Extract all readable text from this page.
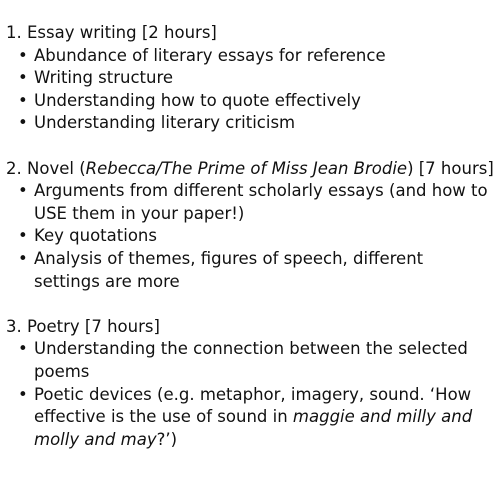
1. Essay writing [2 hours]

• Abundance of literary essays for reference
• Writing structure
• Understanding how to quote effectively
• Understanding literary criticism

2. Novel (Rebecca/The Prime of Miss Jean Brodie) [7 hours]

• Arguments from different scholarly essays (and how to USE them in your paper!)
• Key quotations
• Analysis of themes, figures of speech, different settings are more

3. Poetry [7 hours]

• Understanding the connection between the selected poems
• Poetic devices (e.g. metaphor, imagery, sound. ‘How effective is the use of sound in maggie and milly and molly and may?’)
